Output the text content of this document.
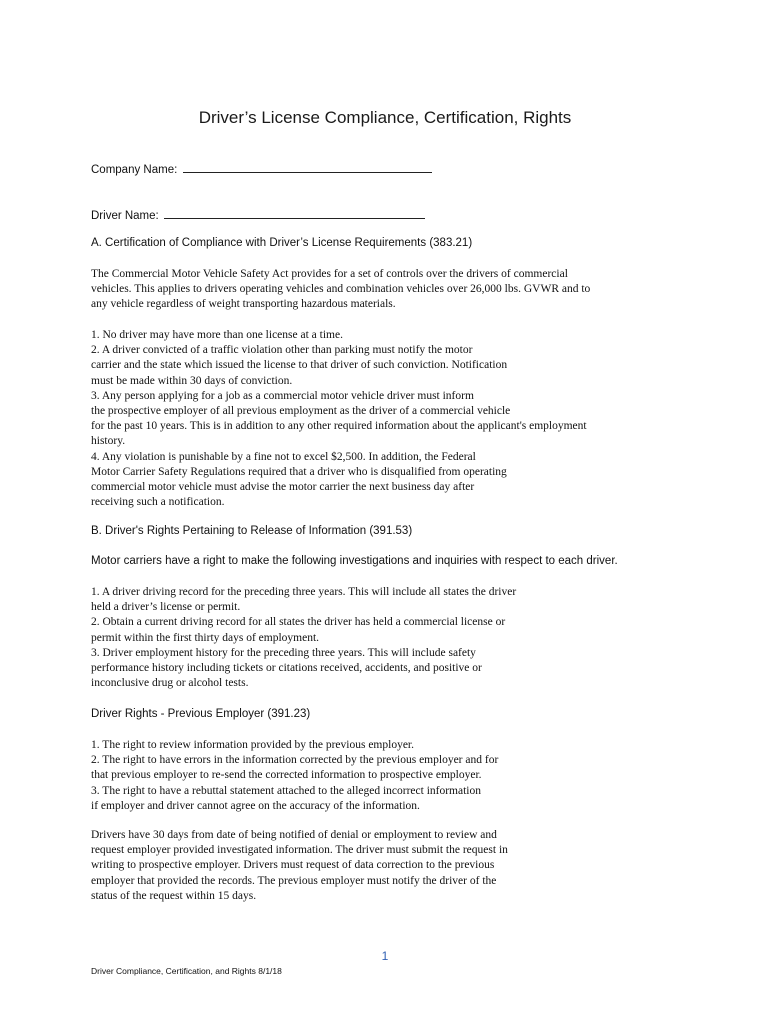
Driver’s License Compliance, Certification, Rights
Company Name:
Driver Name:
A. Certification of Compliance with Driver’s License Requirements (383.21)
The Commercial Motor Vehicle Safety Act provides for a set of controls over the drivers of commercial
vehicles. This applies to drivers operating vehicles and combination vehicles over 26,000 lbs. GVWR and to
any vehicle regardless of weight transporting hazardous materials.
1. No driver may have more than one license at a time.
2. A driver convicted of a traffic violation other than parking must notify the motor
carrier and the state which issued the license to that driver of such conviction. Notification
must be made within 30 days of conviction.
3. Any person applying for a job as a commercial motor vehicle driver must inform
the prospective employer of all previous employment as the driver of a commercial vehicle
for the past 10 years. This is in addition to any other required information about the applicant's employment
history.
4. Any violation is punishable by a fine not to excel $2,500. In addition, the Federal
Motor Carrier Safety Regulations required that a driver who is disqualified from operating
commercial motor vehicle must advise the motor carrier the next business day after
receiving such a notification.
B. Driver's Rights Pertaining to Release of Information (391.53)
Motor carriers have a right to make the following investigations and inquiries with respect to each driver.
1. A driver driving record for the preceding three years. This will include all states the driver
held a driver’s license or permit.
2. Obtain a current driving record for all states the driver has held a commercial license or
permit within the first thirty days of employment.
3. Driver employment history for the preceding three years. This will include safety
performance history including tickets or citations received, accidents, and positive or
inconclusive drug or alcohol tests.
Driver Rights - Previous Employer (391.23)
1. The right to review information provided by the previous employer.
2. The right to have errors in the information corrected by the previous employer and for
that previous employer to re-send the corrected information to prospective employer.
3. The right to have a rebuttal statement attached to the alleged incorrect information
if employer and driver cannot agree on the accuracy of the information.
Drivers have 30 days from date of being notified of denial or employment to review and
request employer provided investigated information. The driver must submit the request in
writing to prospective employer. Drivers must request of data correction to the previous
employer that provided the records. The previous employer must notify the driver of the
status of the request within 15 days.
1
Driver Compliance, Certification, and Rights 8/1/18
